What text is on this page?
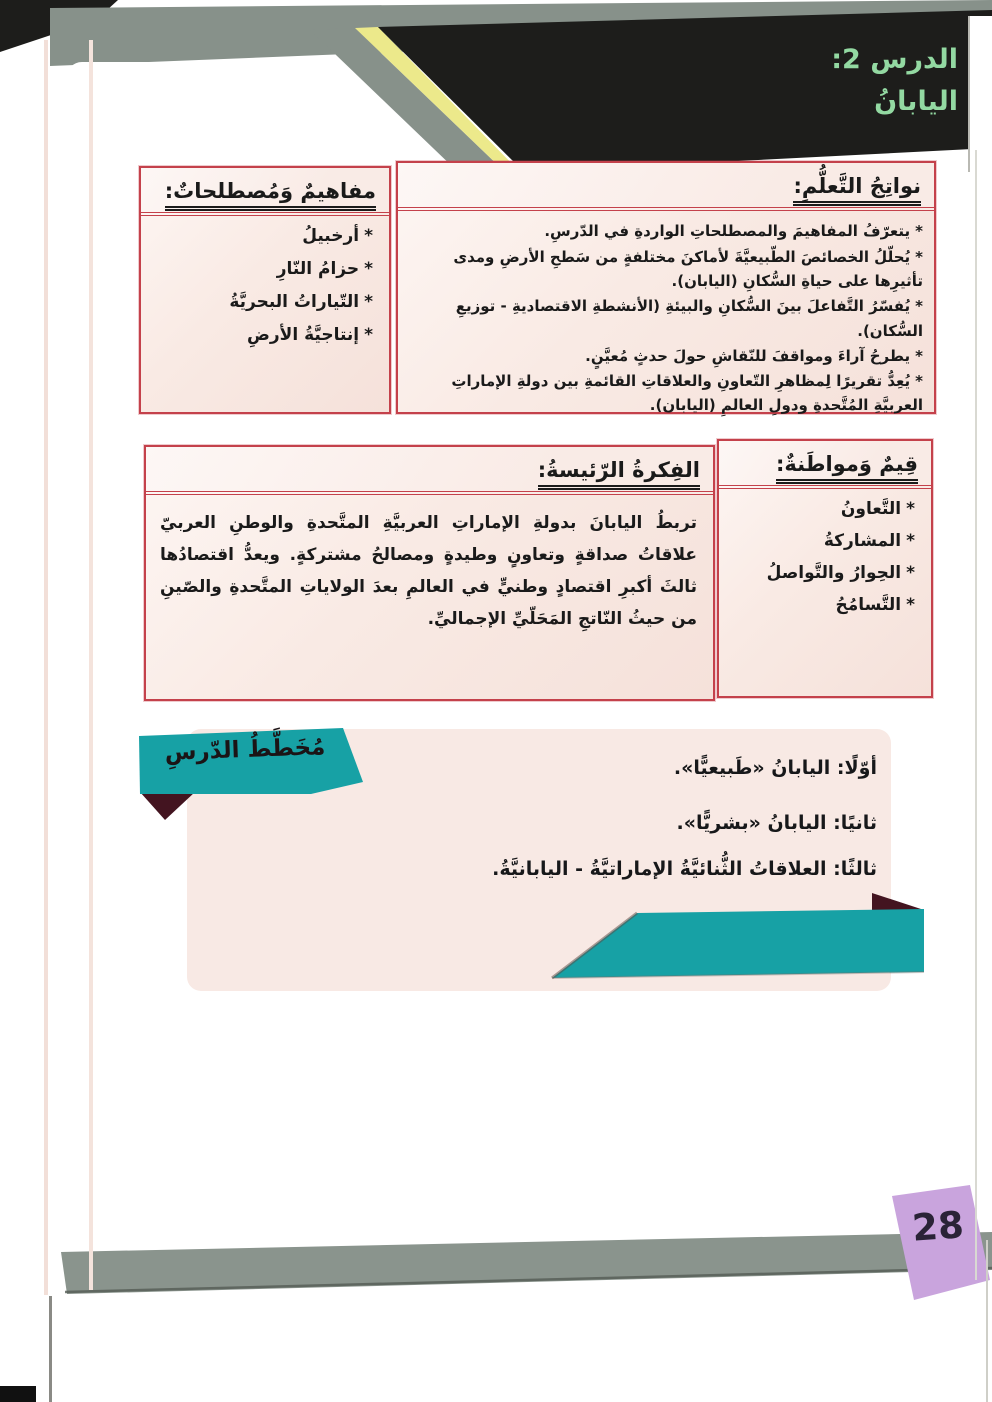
الدرس 2:
اليابانُ
مفاهيمٌ وَمُصطلحاتٌ:
*أرخبيلُ
*حزامُ النّارِ
*التّياراتُ البحريَّةُ
*إنتاجيَّةُ الأرضِ
نواتِجُ التَّعلُّمِ:
*يتعرّفُ المفاهيمَ والمصطلحاتِ الواردةِ في الدّرسِ.
*يُحلّلُ الخصائصَ الطّبيعيَّةَ لأماكنَ مختلفةٍ من سَطحِ الأرضِ ومدى تأثيرِها على حياةِ السُّكانِ (اليابان).
*يُفسّرُ التَّفاعلَ بينَ السُّكانِ والبيئةِ (الأنشطةِ الاقتصاديةِ - توزيعِ السُّكان).
*يطرحُ آراءَ ومواقفَ للنّقاشِ حولَ حدثٍ مُعيَّنٍ.
*يُعِدُّ تقريرًا لِمظاهرِ التّعاونِ والعلاقاتِ القائمةِ بين دولةِ الإماراتِ العربيَّةِ المُتَّحدةِ ودولِ العالمِ (اليابان).
الفِكرةُ الرّئيسةُ:

تربطُ اليابانَ بدولةِ الإماراتِ العربيَّةِ المتَّحدةِ والوطنِ العربيّ علاقاتُ صداقةٍ وتعاونٍ وطيدةٍ ومصالحُ مشتركةٍ. ويعدُّ اقتصادُها ثالثَ أكبرِ اقتصادٍ وطنيٍّ في العالمِ بعدَ الولاياتِ المتَّحدةِ والصّينِ من حيثُ النّاتجِ المَحَلّيِّ الإجماليِّ.

قِيمٌ وَمواطَنةٌ:
*التَّعاونُ
*المشاركةُ
*الحِوارُ والتَّواصلُ
*التَّسامُحُ
أوّلًا: اليابانُ «طَبيعيًّا».
ثانيًا: اليابانُ «بشريًّا».
ثالثًا: العلاقاتُ الثُّنائيَّةُ الإماراتيَّةُ - اليابانيَّةُ.
مُخَطَّطُ الدّرسِ
28
